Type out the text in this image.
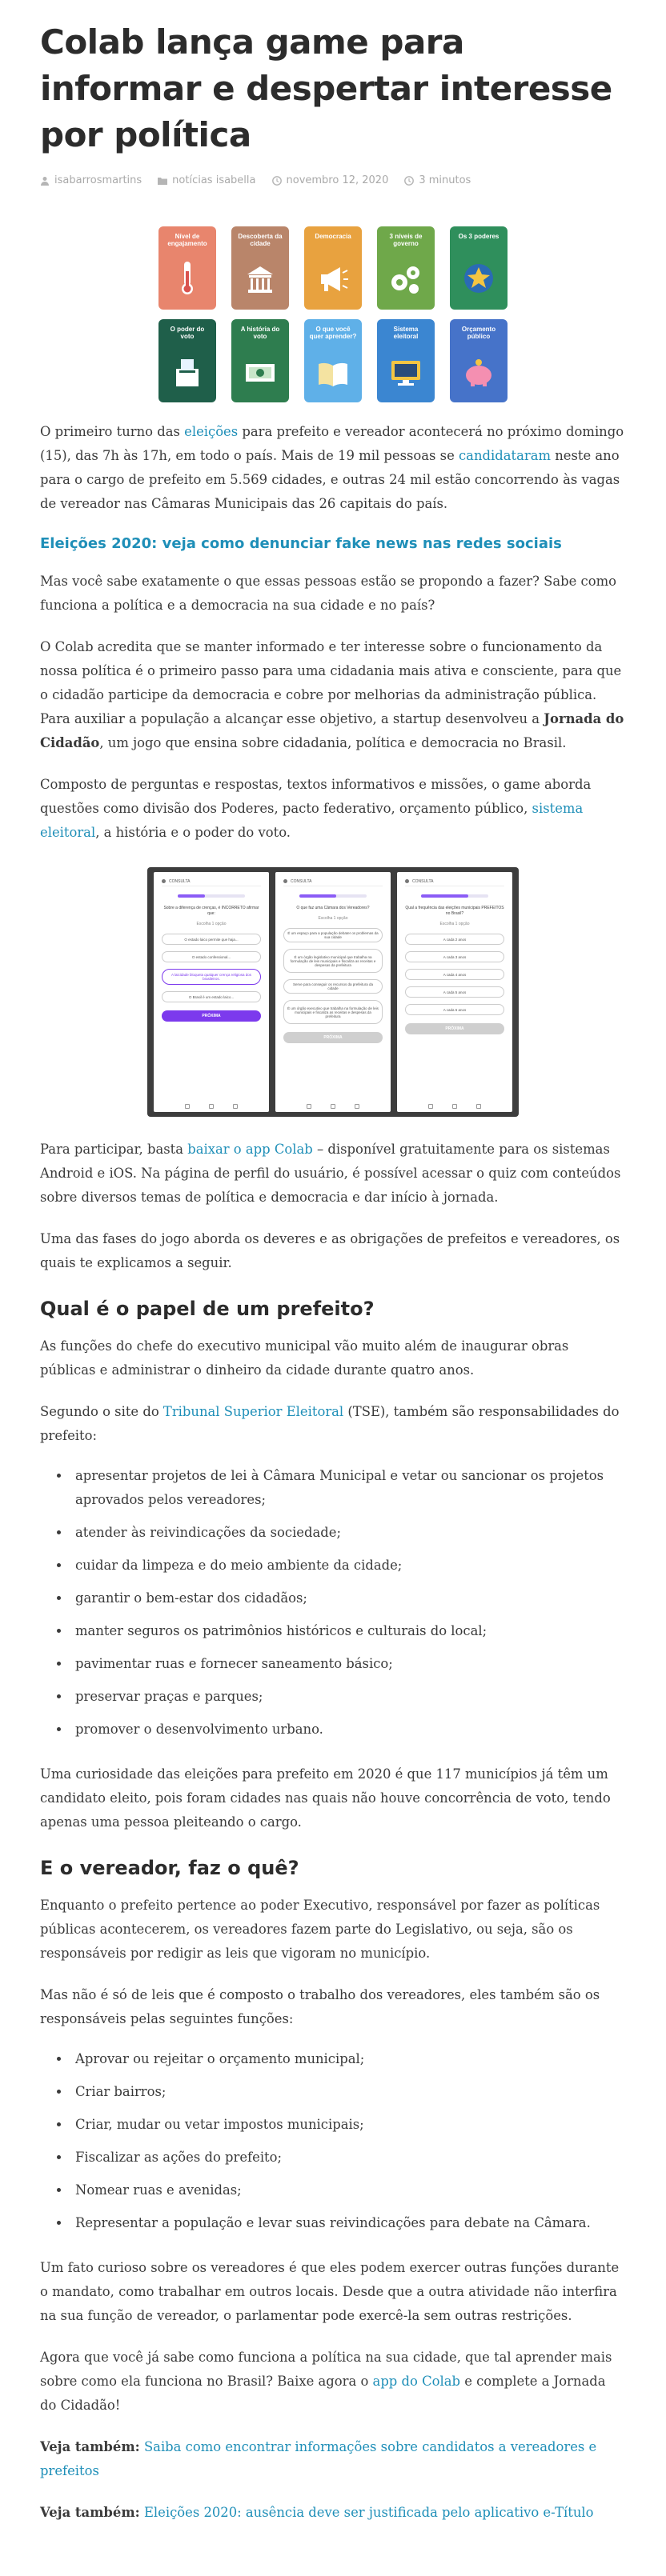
Colab lança game para informar e despertar interesse por política
isabarrosmartins	notícias isabella	novembro 12, 2020	3 minutos
Nível de engajamento
Descoberta da cidade
Democracia	3 níveis de governo
Os 3 poderes
O poder do voto
A história do voto
O que você quer aprender?
Sistema eleitoral
Orçamento público

O primeiro turno das eleições para prefeito e vereador acontecerá no próximo domingo (15), das 7h às 17h, em todo o país. Mais de 19 mil pessoas se candidataram neste ano para o cargo de prefeito em 5.569 cidades, e outras 24 mil estão concorrendo às vagas de vereador nas Câmaras Municipais das 26 capitais do país.

Eleições 2020: veja como denunciar fake news nas redes sociais

Mas você sabe exatamente o que essas pessoas estão se propondo a fazer? Sabe como funciona a política e a democracia na sua cidade e no país?

O Colab acredita que se manter informado e ter interesse sobre o funcionamento da nossa política é o primeiro passo para uma cidadania mais ativa e consciente, para que o cidadão participe da democracia e cobre por melhorias da administração pública. Para auxiliar a população a alcançar esse objetivo, a startup desenvolveu a Jornada do Cidadão, um jogo que ensina sobre cidadania, política e democracia no Brasil.

Composto de perguntas e respostas, textos informativos e missões, o game aborda questões como divisão dos Poderes, pacto federativo, orçamento público, sistema eleitoral, a história e o poder do voto.

CONSULTA
Sobre a diferença de crenças, é INCORRETO afirmar que:
Escolha 1 opção
O estado laico permite que haja...
O estado confessional...
A laicidade bloqueia qualquer crença religiosa dos brasileiros.
O Brasil é um estado laico...
PRÓXIMA
CONSULTA
O que faz uma Câmara dos Vereadores?
Escolha 1 opção
É um espaço para a população debater os problemas da sua cidade
É um órgão legislativo municipal que trabalha na formulação de leis municipais e fiscaliza as receitas e despesas da prefeitura
Serve para conseguir os recursos da prefeitura da cidade
É um órgão executivo que trabalha na formulação de leis municipais e fiscaliza as receitas e despesas da prefeitura
PRÓXIMA
CONSULTA
Qual a frequência das eleições municipais PREFEITOS no Brasil?
Escolha 1 opção
A cada 2 anos
A cada 3 anos
A cada 4 anos
A cada 5 anos
A cada 6 anos
PRÓXIMA

Para participar, basta baixar o app Colab – disponível gratuitamente para os sistemas Android e iOS. Na página de perfil do usuário, é possível acessar o quiz com conteúdos sobre diversos temas de política e democracia e dar início à jornada.

Uma das fases do jogo aborda os deveres e as obrigações de prefeitos e vereadores, os quais te explicamos a seguir.

Qual é o papel de um prefeito?

As funções do chefe do executivo municipal vão muito além de inaugurar obras públicas e administrar o dinheiro da cidade durante quatro anos.

Segundo o site do Tribunal Superior Eleitoral (TSE), também são responsabilidades do prefeito:

• apresentar projetos de lei à Câmara Municipal e vetar ou sancionar os projetos aprovados pelos vereadores;
• atender às reivindicações da sociedade;
• cuidar da limpeza e do meio ambiente da cidade;
• garantir o bem-estar dos cidadãos;
• manter seguros os patrimônios históricos e culturais do local;
• pavimentar ruas e fornecer saneamento básico;
• preservar praças e parques;
• promover o desenvolvimento urbano.

Uma curiosidade das eleições para prefeito em 2020 é que 117 municípios já têm um candidato eleito, pois foram cidades nas quais não houve concorrência de voto, tendo apenas uma pessoa pleiteando o cargo.

E o vereador, faz o quê?

Enquanto o prefeito pertence ao poder Executivo, responsável por fazer as políticas públicas acontecerem, os vereadores fazem parte do Legislativo, ou seja, são os responsáveis por redigir as leis que vigoram no município.

Mas não é só de leis que é composto o trabalho dos vereadores, eles também são os responsáveis pelas seguintes funções:

• Aprovar ou rejeitar o orçamento municipal;
• Criar bairros;
• Criar, mudar ou vetar impostos municipais;
• Fiscalizar as ações do prefeito;
• Nomear ruas e avenidas;
• Representar a população e levar suas reivindicações para debate na Câmara.

Um fato curioso sobre os vereadores é que eles podem exercer outras funções durante o mandato, como trabalhar em outros locais. Desde que a outra atividade não interfira na sua função de vereador, o parlamentar pode exercê-la sem outras restrições.

Agora que você já sabe como funciona a política na sua cidade, que tal aprender mais sobre como ela funciona no Brasil? Baixe agora o app do Colab e complete a Jornada do Cidadão!

Veja também: Saiba como encontrar informações sobre candidatos a vereadores e prefeitos

Veja também: Eleições 2020: ausência deve ser justificada pelo aplicativo e-Título
